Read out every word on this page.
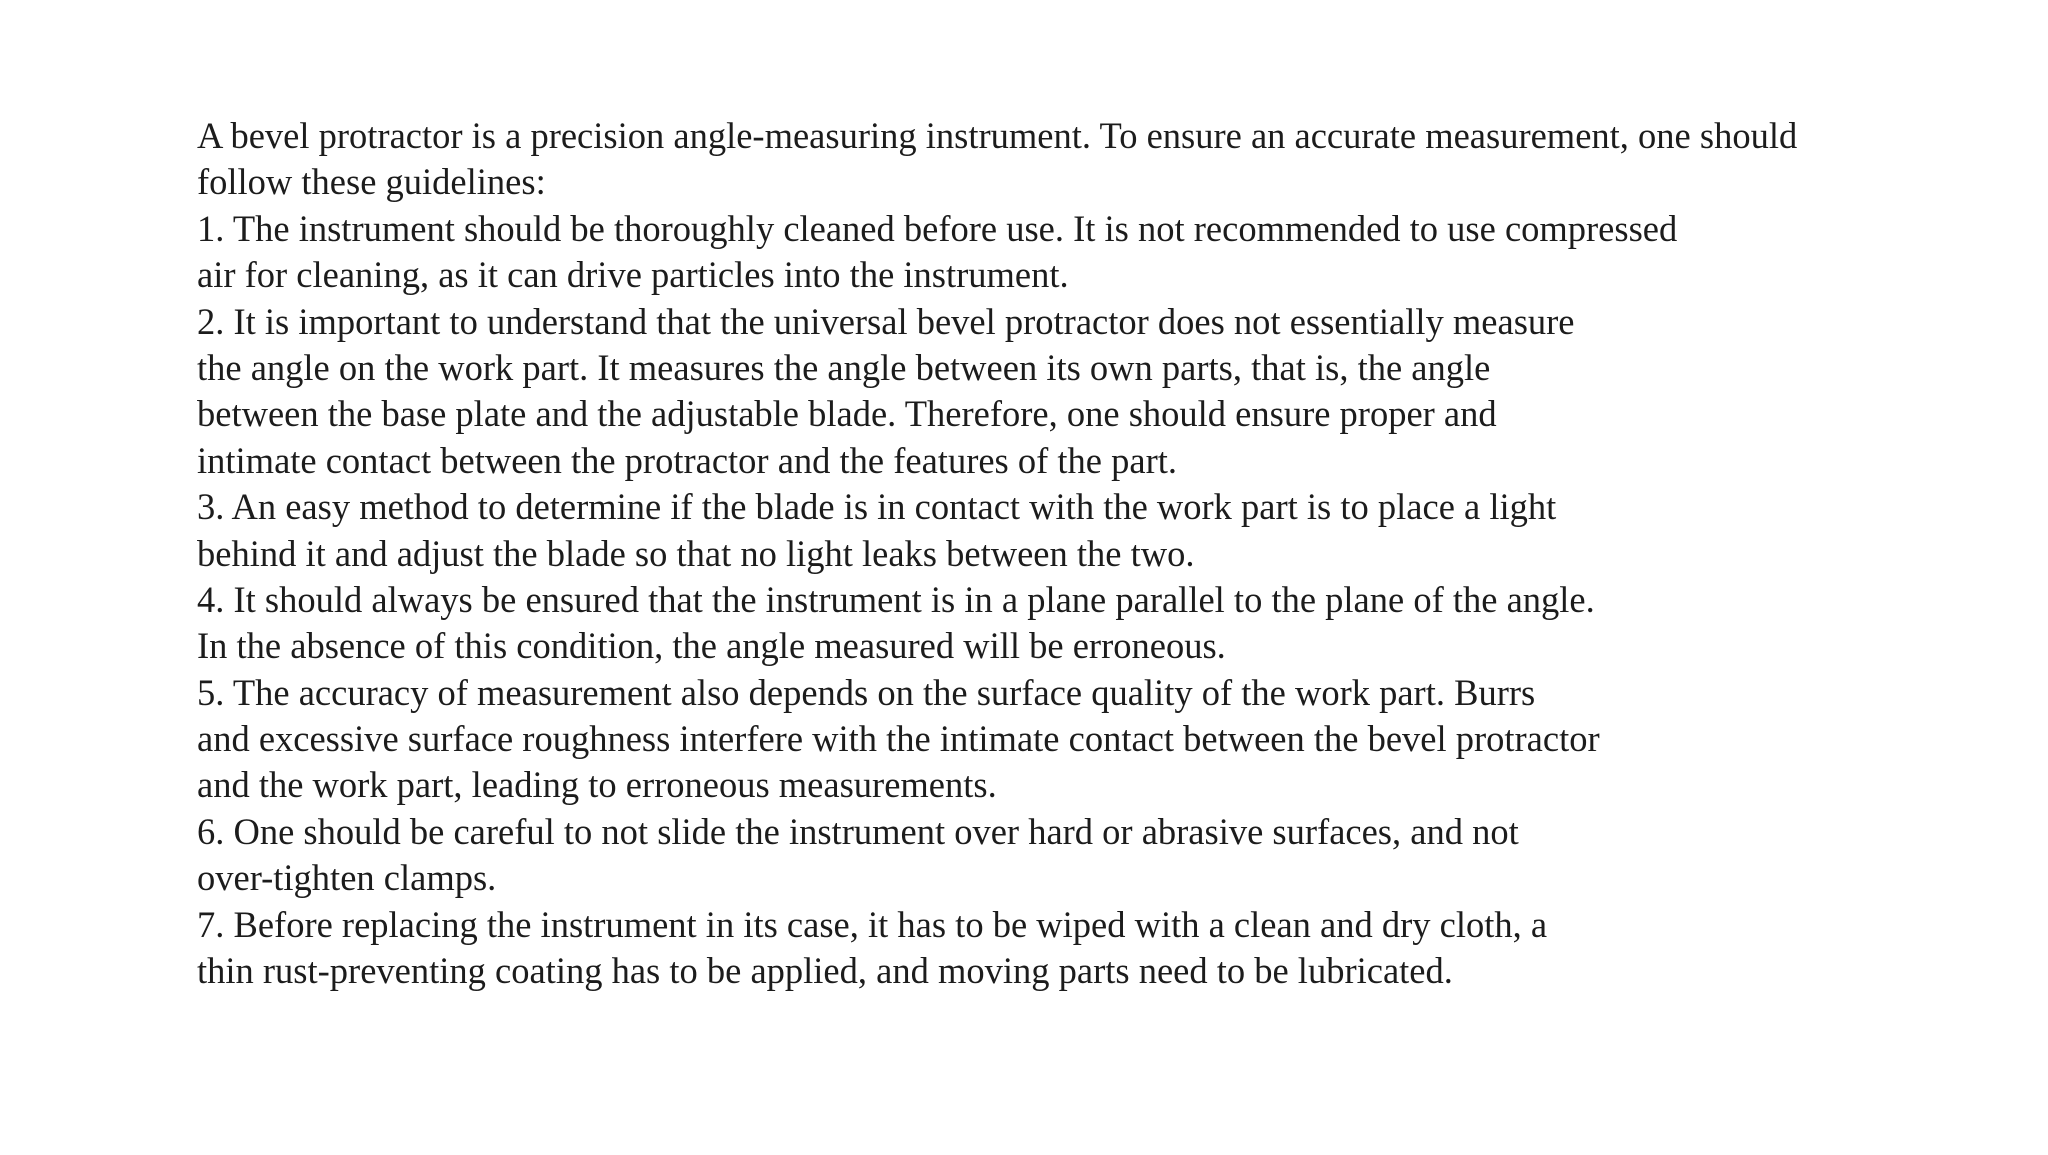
A bevel protractor is a precision angle-measuring instrument. To ensure an accurate measurement, one should
follow these guidelines:
1. The instrument should be thoroughly cleaned before use. It is not recommended to use compressed
air for cleaning, as it can drive particles into the instrument.
2. It is important to understand that the universal bevel protractor does not essentially measure
the angle on the work part. It measures the angle between its own parts, that is, the angle
between the base plate and the adjustable blade. Therefore, one should ensure proper and
intimate contact between the protractor and the features of the part.
3. An easy method to determine if the blade is in contact with the work part is to place a light
behind it and adjust the blade so that no light leaks between the two.
4. It should always be ensured that the instrument is in a plane parallel to the plane of the angle.
In the absence of this condition, the angle measured will be erroneous.
5. The accuracy of measurement also depends on the surface quality of the work part. Burrs
and excessive surface roughness interfere with the intimate contact between the bevel protractor
and the work part, leading to erroneous measurements.
6. One should be careful to not slide the instrument over hard or abrasive surfaces, and not
over-tighten clamps.
7. Before replacing the instrument in its case, it has to be wiped with a clean and dry cloth, a
thin rust-preventing coating has to be applied, and moving parts need to be lubricated.
